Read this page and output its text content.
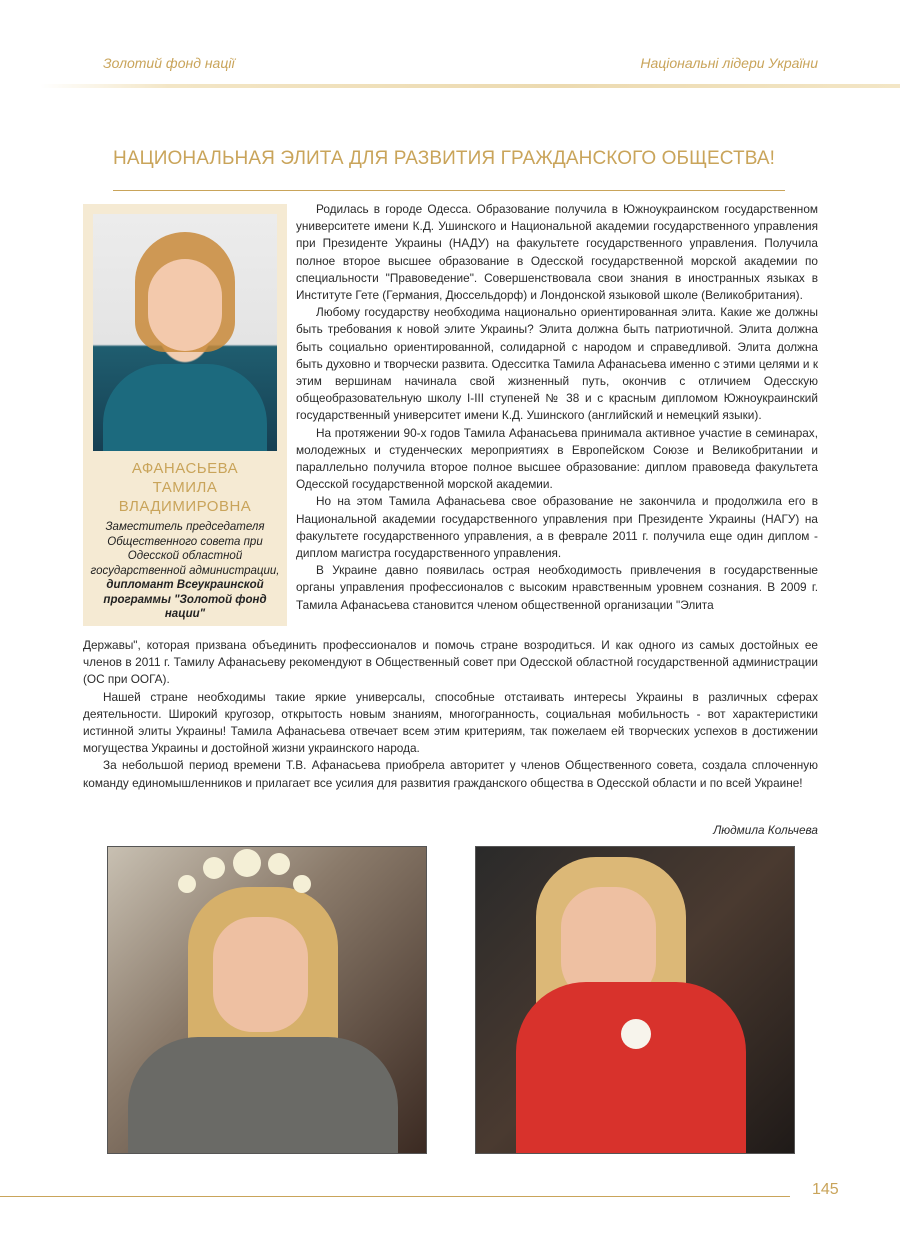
Золотий фонд нації	Національні лідери України
НАЦИОНАЛЬНАЯ ЭЛИТА ДЛЯ РАЗВИТИЯ ГРАЖДАНСКОГО ОБЩЕСТВА!
АФАНАСЬЕВА
ТАМИЛА
ВЛАДИМИРОВНА
Заместитель председателя Общественного совета при Одесской областной государственной администрации, дипломант Всеукраинской программы "Золотой фонд нации"

Родилась в городе Одесса. Образование получила в Южноукраинском государственном университете имени К.Д. Ушинского и Национальной академии государственного управления при Президенте Украины (НАДУ) на факультете государственного управления. Получила полное второе высшее образование в Одесской государственной морской академии по специальности "Правоведение". Совершенствовала свои знания в иностранных языках в Институте Гете (Германия, Дюссельдорф) и Лондонской языковой школе (Великобритания).

Любому государству необходима национально ориентированная элита. Какие же должны быть требования к новой элите Украины? Элита должна быть патриотичной. Элита должна быть социально ориентированной, солидарной с народом и справедливой. Элита должна быть духовно и творчески развита. Одесситка Тамила Афанасьева именно с этими целями и к этим вершинам начинала свой жизненный путь, окончив с отличием Одесскую общеобразовательную школу I-III ступеней № 38 и с красным дипломом Южноукраинский государственный университет имени К.Д. Ушинского (английский и немецкий языки).

На протяжении 90-х годов Тамила Афанасьева принимала активное участие в семинарах, молодежных и студенческих мероприятиях в Европейском Союзе и Великобритании и параллельно получила второе полное высшее образование: диплом правоведа факультета Одесской государственной морской академии.

Но на этом Тамила Афанасьева свое образование не закончила и продолжила его в Национальной академии государственного управления при Президенте Украины (НАГУ) на факультете государственного управления, а в феврале 2011 г. получила еще один диплом - диплом магистра государственного управления.

В Украине давно появилась острая необходимость привлечения в государственные органы управления профессионалов с высоким нравственным уровнем сознания. В 2009 г. Тамила Афанасьева становится членом общественной организации "Элита

Державы", которая призвана объединить профессионалов и помочь стране возродиться. И как одного из самых достойных ее членов в 2011 г. Тамилу Афанасьеву рекомендуют в Общественный совет при Одесской областной государственной администрации (ОС при ООГА).

Нашей стране необходимы такие яркие универсалы, способные отстаивать интересы Украины в различных сферах деятельности. Широкий кругозор, открытость новым знаниям, многогранность, социальная мобильность - вот характеристики истинной элиты Украины! Тамила Афанасьева отвечает всем этим критериям, так пожелаем ей творческих успехов в достижении могущества Украины и достойной жизни украинского народа.

За небольшой период времени Т.В. Афанасьева приобрела авторитет у членов Общественного совета, создала сплоченную команду единомышленников и прилагает все усилия для развития гражданского общества в Одесской области и по всей Украине!

Людмила Кольчева
145
